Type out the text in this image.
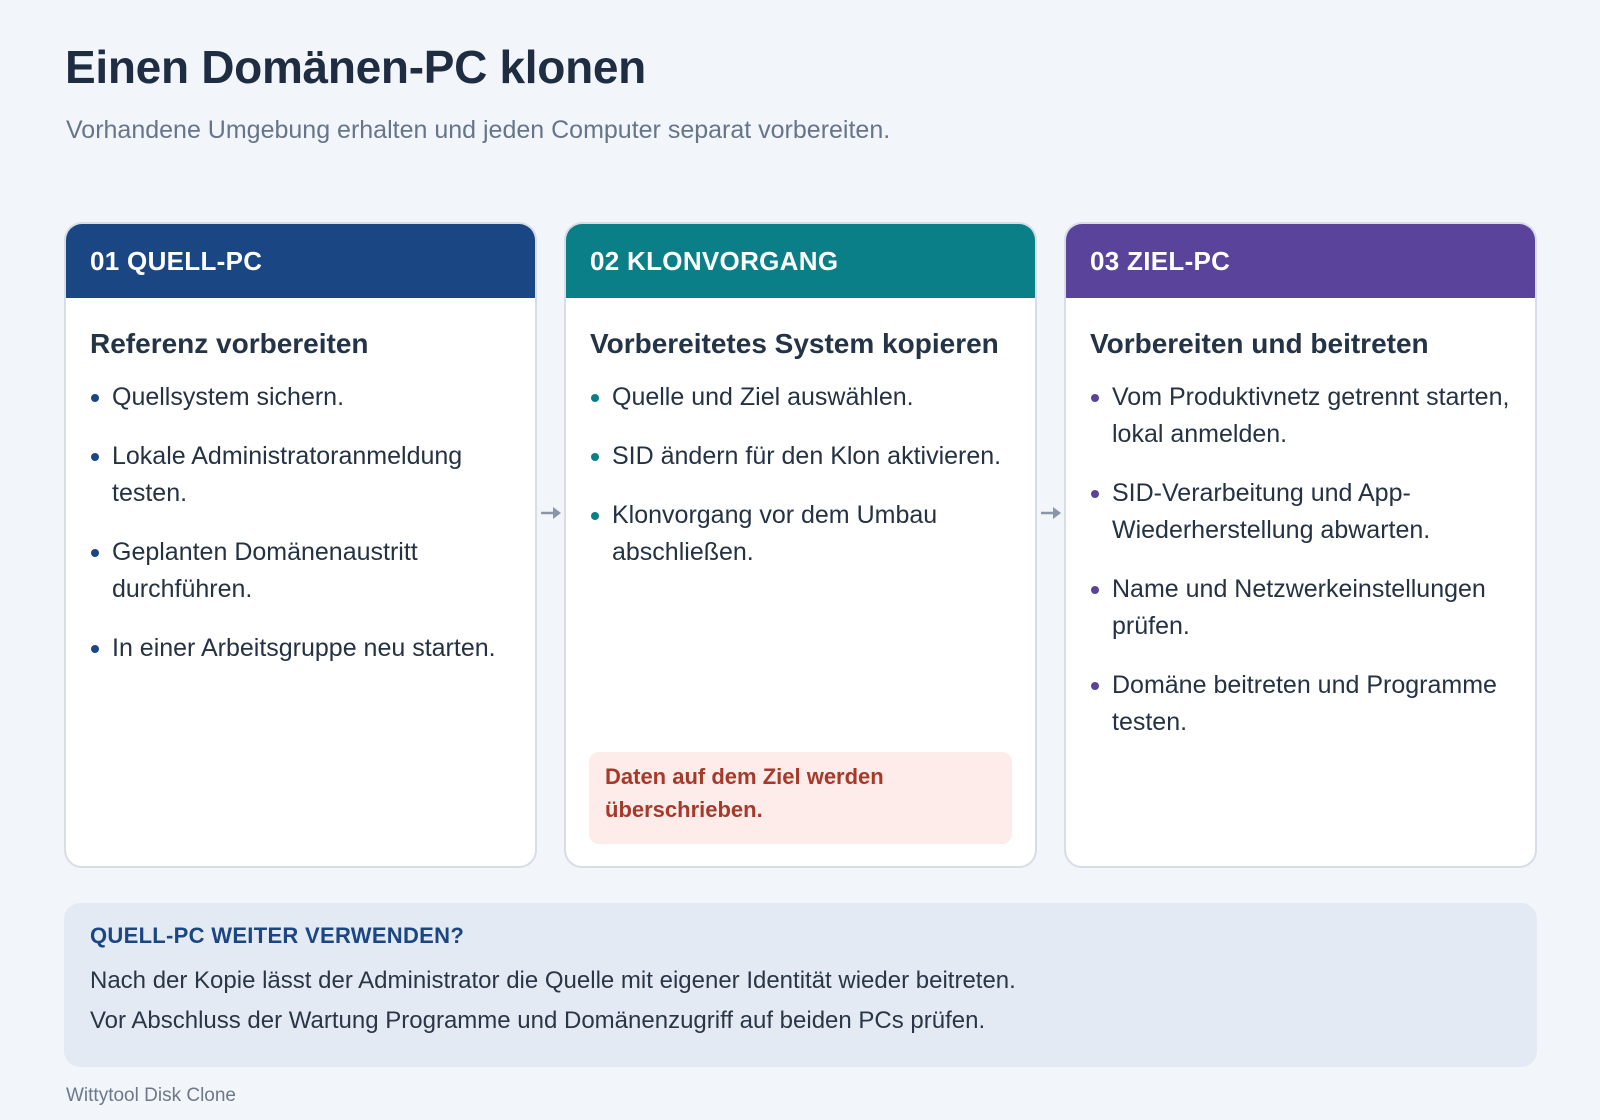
Einen Domänen-PC klonen
Vorhandene Umgebung erhalten und jeden Computer separat vorbereiten.
01 QUELL-PC
Referenz vorbereiten
Quellsystem sichern.
Lokale Administratoranmeldung testen.
Geplanten Domänenaustritt durchführen.
In einer Arbeitsgruppe neu starten.
02 KLONVORGANG
Vorbereitetes System kopieren
Quelle und Ziel auswählen.
SID ändern für den Klon aktivieren.
Klonvorgang vor dem Umbau abschließen.
Daten auf dem Ziel werden überschrieben.
03 ZIEL-PC
Vorbereiten und beitreten
Vom Produktivnetz getrennt starten, lokal anmelden.
SID-Verarbeitung und App-Wiederherstellung abwarten.
Name und Netzwerkeinstellungen prüfen.
Domäne beitreten und Programme testen.
QUELL-PC WEITER VERWENDEN?
Nach der Kopie lässt der Administrator die Quelle mit eigener Identität wieder beitreten.
Vor Abschluss der Wartung Programme und Domänenzugriff auf beiden PCs prüfen.
Wittytool Disk Clone
